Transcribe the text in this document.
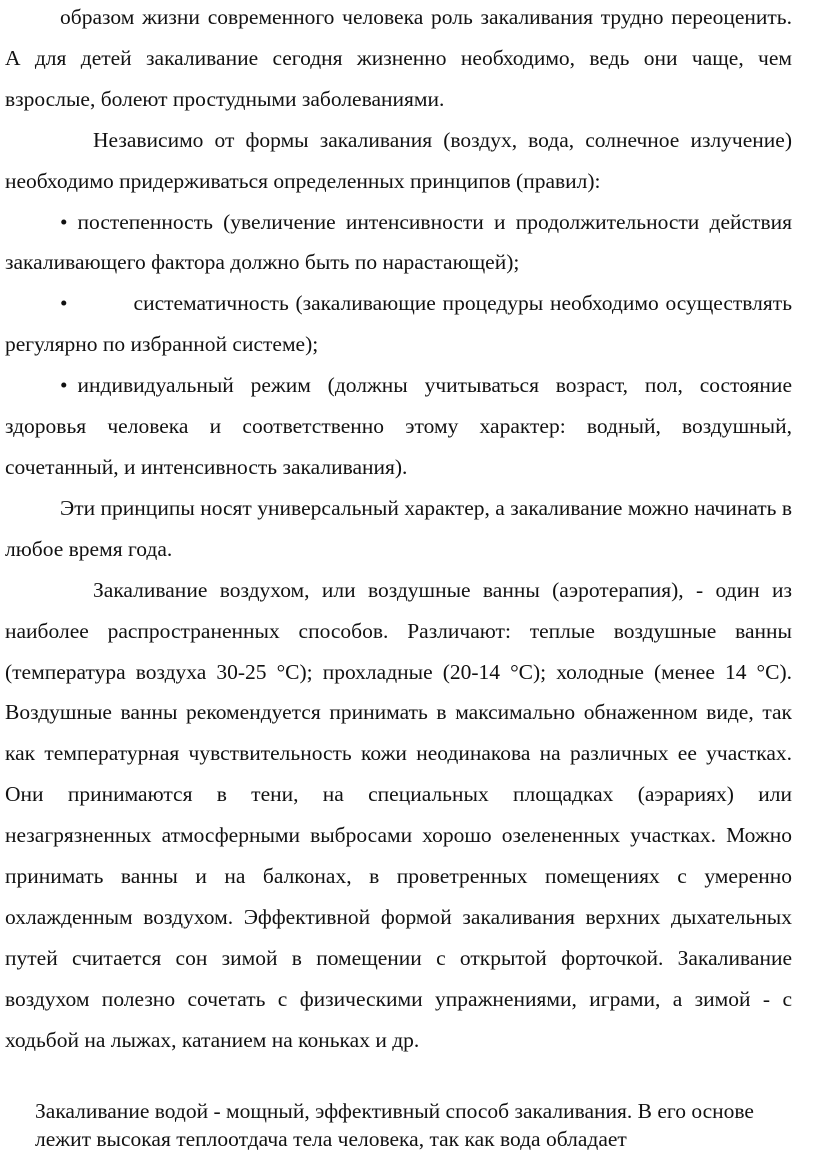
образом жизни современного человека роль закаливания трудно переоценить. А для детей закаливание сегодня жизненно необходимо, ведь они чаще, чем взрослые, болеют простудными заболеваниями.

Независимо от формы закаливания (воздух, вода, солнечное излучение) необходимо придерживаться определенных принципов (правил):

• постепенность (увеличение интенсивности и продолжительности действия закаливающего фактора должно быть по нарастающей);

•	систематичность (закаливающие процедуры необходимо осуществлять регулярно по избранной системе);

• индивидуальный режим (должны учитываться возраст, пол, состояние здоровья человека и соответственно этому характер: водный, воздушный, сочетанный, и интенсивность закаливания).

Эти принципы носят универсальный характер, а закаливание можно начинать в любое время года.

Закаливание воздухом, или воздушные ванны (аэротерапия), - один из наиболее распространенных способов. Различают: теплые воздушные ванны (температура воздуха 30-25 °С); прохладные (20-14 °С); холодные (менее 14 °С). Воздушные ванны рекомендуется принимать в максимально обнаженном виде, так как температурная чувствительность кожи неодинакова на различных ее участках. Они принимаются в тени, на специальных площадках (аэрариях) или незагрязненных атмосферными выбросами хорошо озелененных участках. Можно принимать ванны и на балконах, в проветренных помещениях с умеренно охлажденным воздухом. Эффективной формой закаливания верхних дыхательных путей считается сон зимой в помещении с открытой форточкой. Закаливание воздухом полезно сочетать с физическими упражнениями, играми, а зимой - с ходьбой на лыжах, катанием на коньках и др.

Закаливание водой - мощный, эффективный способ закаливания. В его основе лежит высокая теплоотдача тела человека, так как вода обладает
